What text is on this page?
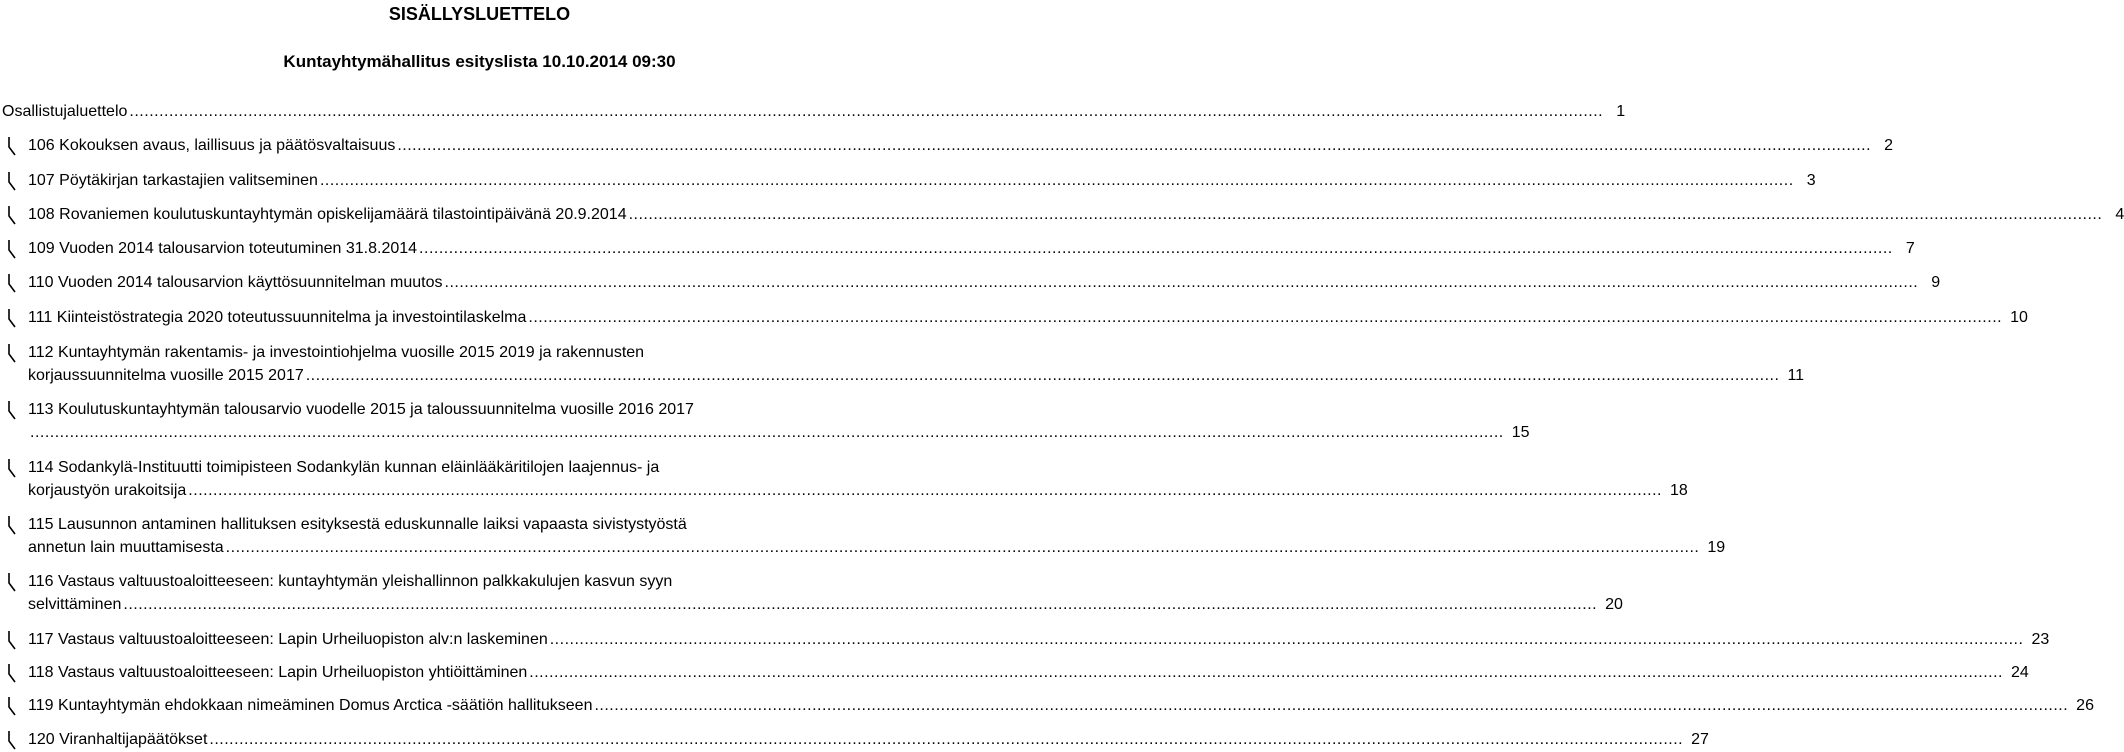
SISÄLLYSLUETTELO
Kuntayhtymähallitus esityslista 10.10.2014 09:30
Osallistujaluettelo .......................................................................................................................................................................................................................................................................................................... 1
106 Kokouksen avaus, laillisuus ja päätösvaltaisuus .......................................................................................................................................................................................................................................................................................................... 2
107 Pöytäkirjan tarkastajien valitseminen .......................................................................................................................................................................................................................................................................................................... 3
108 Rovaniemen koulutuskuntayhtymän opiskelijamäärä tilastointipäivänä 20.9.2014 .......................................................................................................................................................................................................................................................................................................... 4
109 Vuoden 2014 talousarvion toteutuminen 31.8.2014 .......................................................................................................................................................................................................................................................................................................... 7
110 Vuoden 2014 talousarvion käyttösuunnitelman muutos .......................................................................................................................................................................................................................................................................................................... 9
111 Kiinteistöstrategia 2020 toteutussuunnitelma ja investointilaskelma .......................................................................................................................................................................................................................................................................................................... 10
112 Kuntayhtymän rakentamis- ja investointiohjelma vuosille 2015 2019 ja rakennusten
korjaussuunnitelma vuosille 2015 2017 .......................................................................................................................................................................................................................................................................................................... 11
113 Koulutuskuntayhtymän talousarvio vuodelle 2015 ja taloussuunnitelma vuosille 2016 2017
.......................................................................................................................................................................................................................................................................................................... 15
114 Sodankylä-Instituutti toimipisteen Sodankylän kunnan eläinlääkäritilojen laajennus- ja
korjaustyön urakoitsija .......................................................................................................................................................................................................................................................................................................... 18
115 Lausunnon antaminen hallituksen esityksestä eduskunnalle laiksi vapaasta sivistystyöstä
annetun lain muuttamisesta .......................................................................................................................................................................................................................................................................................................... 19
116 Vastaus valtuustoaloitteeseen: kuntayhtymän yleishallinnon palkkakulujen kasvun syyn
selvittäminen .......................................................................................................................................................................................................................................................................................................... 20
117 Vastaus valtuustoaloitteeseen: Lapin Urheiluopiston alv:n laskeminen .......................................................................................................................................................................................................................................................................................................... 23
118 Vastaus valtuustoaloitteeseen: Lapin Urheiluopiston yhtiöittäminen .......................................................................................................................................................................................................................................................................................................... 24
119 Kuntayhtymän ehdokkaan nimeäminen Domus Arctica -säätiön hallitukseen .......................................................................................................................................................................................................................................................................................................... 26
120 Viranhaltijapäätökset .......................................................................................................................................................................................................................................................................................................... 27
